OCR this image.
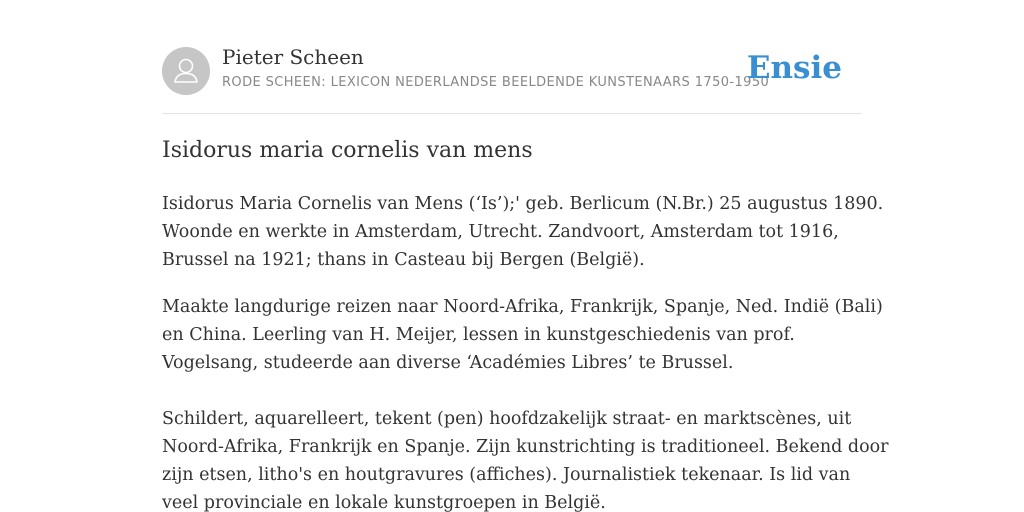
Pieter Scheen
RODE SCHEEN: LEXICON NEDERLANDSE BEELDENDE KUNSTENAARS 1750-1950
Ensie
Isidorus maria cornelis van mens

Isidorus Maria Cornelis van Mens (‘Is’);' geb. Berlicum (N.Br.) 25 augustus 1890.
Woonde en werkte in Amsterdam, Utrecht. Zandvoort, Amsterdam tot 1916,
Brussel na 1921; thans in Casteau bij Bergen (België).

Maakte langdurige reizen naar Noord-Afrika, Frankrijk, Spanje, Ned. Indië (Bali)
en China. Leerling van H. Meijer, lessen in kunstgeschiedenis van prof.
Vogelsang, studeerde aan diverse ‘Académies Libres’ te Brussel.

Schildert, aquarelleert, tekent (pen) hoofdzakelijk straat- en marktscènes, uit
Noord-Afrika, Frankrijk en Spanje. Zijn kunstrichting is traditioneel. Bekend door
zijn etsen, litho's en houtgravures (affiches). Journalistiek tekenaar. Is lid van
veel provinciale en lokale kunstgroepen in België.
